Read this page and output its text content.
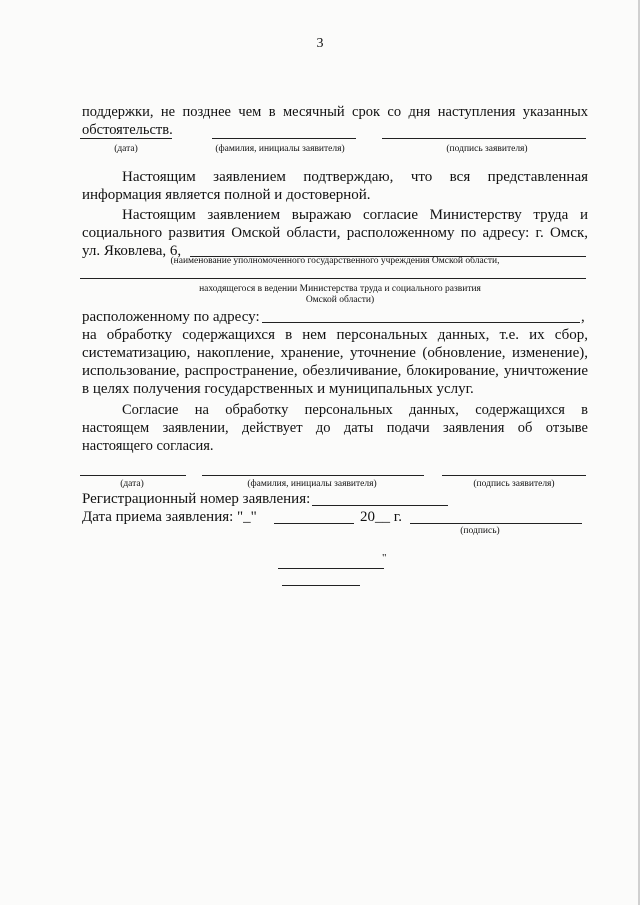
3
поддержки, не позднее чем в месячный срок со дня наступления указанных
обстоятельств.
(дата)	(фамилия, инициалы заявителя)	(подпись заявителя)
Настоящим заявлением подтверждаю, что вся представленная
информация является полной и достоверной.
Настоящим заявлением выражаю согласие Министерству труда и
социального развития Омской области, расположенному по адресу: г. Омск,
ул. Яковлева, 6,
(наименование уполномоченного государственного учреждения Омской области,
находящегося в ведении Министерства труда и социального развития
Омской области)
расположенному по адресу:	,
на обработку содержащихся в нем персональных данных, т.е. их сбор,
систематизацию, накопление, хранение, уточнение (обновление, изменение),
использование, распространение, обезличивание, блокирование, уничтожение
в целях получения государственных и муниципальных услуг.
Согласие на обработку персональных данных, содержащихся в
настоящем заявлении, действует до даты подачи заявления об отзыве
настоящего согласия.
(дата)	(фамилия, инициалы заявителя)	(подпись заявителя)
Регистрационный номер заявления:
Дата приема заявления: "_"	20__ г.
(подпись)
"
